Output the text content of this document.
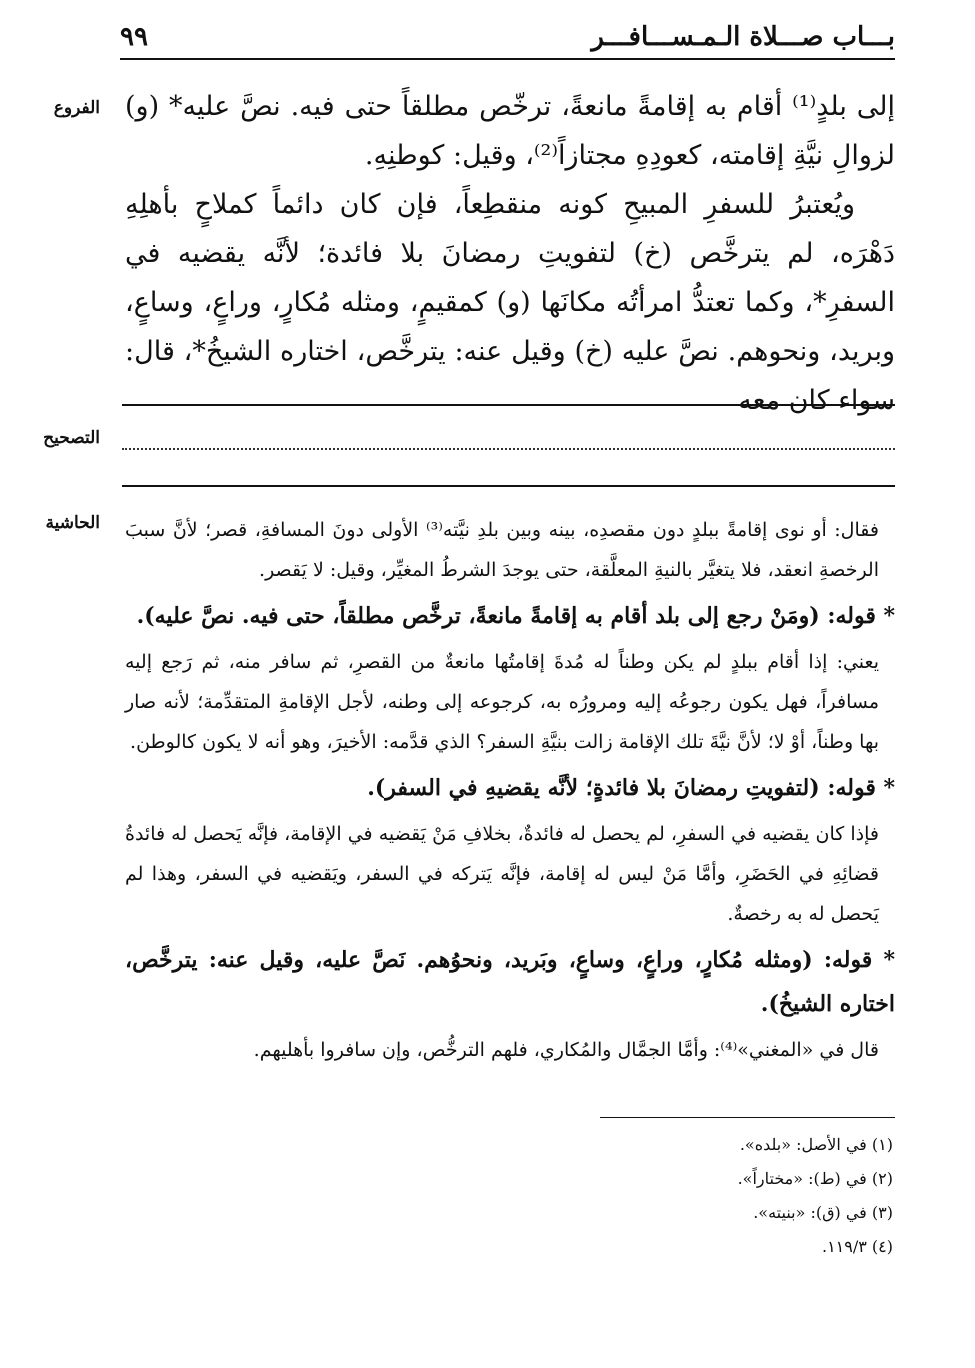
بـــاب صـــلاة الـمـســـافـــر
٩٩
الفروع
التصحيح
الحاشية

إلى بلدٍ⁽¹⁾ أقام به إقامةً مانعةً، ترخّص مطلقاً حتى فيه. نصَّ عليه* (و) لزوالِ نيَّةِ إقامته، كعودِهِ مجتازاً⁽²⁾، وقيل: كوطنِهِ.

ويُعتبرُ للسفرِ المبيحِ كونه منقطِعاً، فإن كان دائماً كملاحٍ بأهلِهِ دَهْرَه، لم يترخَّص (خ) لتفويتِ رمضانَ بلا فائدة؛ لأنَّه يقضيه في السفرِ*، وكما تعتدُّ امرأتُه مكانَها (و) كمقيمٍ، ومثله مُكارٍ، وراعٍ، وساعٍ، وبريد، ونحوهم. نصَّ عليه (خ) وقيل عنه: يترخَّص، اختاره الشيخُ*، قال: سواء كان معه

فقال: أو نوى إقامةً ببلدٍ دون مقصدِه، بينه وبين بلدِ نيَّته⁽³⁾ الأولى دونَ المسافةِ، قصر؛ لأنَّ سببَ الرخصةِ انعقد، فلا يتغيَّر بالنيةِ المعلَّقة، حتى يوجدَ الشرطُ المغيِّر، وقيل: لا يَقصر.

* قوله: (ومَنْ رجع إلى بلد أقام به إقامةً مانعةً، ترخَّص مطلقاً، حتى فيه. نصَّ عليه).

يعني: إذا أقام ببلدٍ لم يكن وطناً له مُدةَ إقامتُها مانعةٌ من القصرِ، ثم سافر منه، ثم رَجع إليه مسافراً، فهل يكون رجوعُه إليه ومرورُه به، كرجوعه إلى وطنه، لأجل الإقامةِ المتقدِّمة؛ لأنه صار بها وطناً، أوْ لا؛ لأنَّ نيَّةَ تلك الإقامة زالت بنيَّةِ السفر؟ الذي قدَّمه: الأخيرَ، وهو أنه لا يكون كالوطن.

* قوله: (لتفويتِ رمضانَ بلا فائدةٍ؛ لأنَّه يقضيهِ في السفر).

فإذا كان يقضيه في السفرِ، لم يحصل له فائدةٌ، بخلافِ مَنْ يَقضيه في الإقامة، فإنَّه يَحصل له فائدةُ قضائِهِ في الحَضَرِ، وأمَّا مَنْ ليس له إقامة، فإنَّه يَتركه في السفر، ويَقضيه في السفر، وهذا لم يَحصل له به رخصةٌ.

* قوله: (ومثله مُكارٍ، وراعٍ، وساعٍ، وبَريد، ونحوُهم. نَصَّ عليه، وقيل عنه: يترخَّص، اختاره الشيخُ).

قال في «المغني»⁽⁴⁾: وأمَّا الجمَّال والمُكاري، فلهم الترخُّص، وإن سافروا بأهليهم.

(١) في الأصل: «بلده».
(٢) في (ط): «مختاراً».
(٣) في (ق): «بنيته».
(٤) ١١٩/٣.
